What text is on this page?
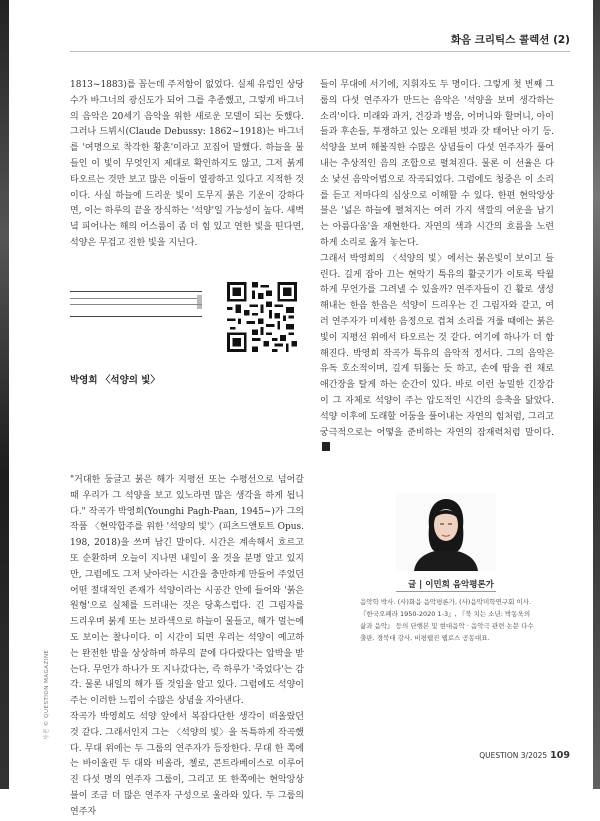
화음 크리틱스 콜렉션 (2)

1813~1883)를 꼽는데 주저함이 없었다. 실제 유럽인 상당수가 바그너의 광신도가 되어 그를 추종했고, 그렇게 바그너의 음악은 20세기 음악을 위한 새로운 모델이 되는 듯했다. 그러나 드뷔시(Claude Debussy: 1862~1918)는 바그너를 '여명으로 착각한 황혼'이라고 꼬집어 말했다. 하늘을 물들인 이 빛이 무엇인지 제대로 확인하지도 않고, 그저 붉게 타오르는 것만 보고 많은 이들이 열광하고 있다고 지적한 것이다. 사실 하늘에 드리운 빛이 도무지 붉은 기운이 강하다면, 이는 하루의 끝을 장식하는 '석양'일 가능성이 높다. 새벽녘 피어나는 해의 어스름이 좀 더 힘 있고 연한 빛을 띤다면, 석양은 무겁고 진한 빛을 지닌다.

박영희 〈석양의 빛〉

"거대한 둥글고 붉은 해가 지평선 또는 수평선으로 넘어갈 때 우리가 그 석양을 보고 있노라면 많은 생각을 하게 됩니다." 작곡가 박영희(Younghi Pagh-Paan, 1945~)가 그의 작품 〈현악합주를 위한 '석양의 빛'〉(피츠드앤토트 Opus. 198, 2018)을 쓰며 남긴 말이다. 시간은 계속해서 흐르고 또 순환하며 오늘이 지나면 내일이 올 것을 분명 알고 있지만, 그럼에도 그저 낮아라는 시간을 충만하게 만들어 주었던 어떤 절대적인 존재가 석양이라는 시공간 안에 들어와 '붉은 원형'으로 실체를 드러내는 것은 당혹스럽다. 긴 그림자를 드리우며 붉게 또는 보라색으로 하늘이 물들고, 해가 멀는에도 보이는 찰나이다. 이 시간이 되면 우리는 석양이 예고하는 완전한 밤을 상상하며 하루의 끝에 다다랐다는 압박을 받는다. 무언가 하나가 또 지나갔다는, 즉 하루가 '죽었다'는 감각. 물론 내일의 해가 뜰 것임을 알고 있다. 그럼에도 석양이 주는 이러한 느낌이 수많은 상념을 자아낸다.

작곡가 박영희도 석양 앞에서 복잡다단한 생각이 떠올랐던 것 같다. 그래서인지 그는 〈석양의 빛〉을 독특하게 작곡했다. 무대 위에는 두 그룹의 연주자가 등장한다. 무대 한 쪽에는 바이올린 두 대와 비올라, 첼로, 콘트라베이스로 이루어진 다섯 명의 연주자 그룹이, 그리고 또 한쪽에는 현악앙상블이 조금 더 많은 연주자 구성으로 울라와 있다. 두 그룹의 연주자

들이 무대에 서기에, 지휘자도 두 명이다. 그렇게 첫 번째 그룹의 다섯 연주자가 만드는 음악은 '석양을 보며 생각하는 소리'이다. 미래와 과거, 건강과 병음, 어머니와 할머니, 아이들과 후손들, 투쟁하고 있는 오래된 벗과 갓 태어난 아기 등. 석양을 보며 해볼직한 수많은 상념들이 다섯 연주자가 풀어내는 추상적인 음의 조합으로 펼쳐진다. 물론 이 선율은 다소 낯선 음악어법으로 작곡되었다. 그럼에도 청중은 이 소리를 듣고 저마다의 심상으로 이해할 수 있다. 한편 현악앙상블은 '넓은 하늘에 펼쳐지는 여러 가지 색깔의 여운을 남기는 아름다움'을 재현한다. 자연의 색과 시간의 흐름을 노련하게 소리로 옮겨 놓는다.

그래서 박영희의 〈석양의 빛〉에서는 붉은빛이 보이고 들린다. 길게 잡아 끄는 현악기 특유의 활긋기가 이토록 탁월하게 무언가를 그려낼 수 있을까? 연주자들이 긴 활로 생성해내는 한음 한음은 석양이 드리우는 긴 그림자와 같고, 여러 연주자가 미세한 음정으로 겹쳐 소리를 겨룰 때에는 붉은빛이 지평선 위에서 타오르는 것 같다. 여기에 하나가 더 함해진다. 박영희 작곡가 특유의 음악적 정서다. 그의 음악은 유독 호소적이며, 길게 뒤뚫는 듯 하고, 손에 땀을 쥔 채로 애간장을 탈게 하는 순간이 있다. 바로 이런 농밀한 긴장감이 그 자체로 석양이 주는 압도적인 시간의 응축을 닮았다. 석양 이후에 도래할 어둠을 풀어내는 자연의 힘처럼, 그리고 궁극적으로는 어떻을 준비하는 자연의 잠재력처럼 말이다.

글 | 이민희 음악평론가
음악학 박사. (사)화음 음악평론가, (사)음악미학연구회 이사. 『한국오페라 1950-2020 1-3』, 『북 치는 소년: 박동욱의 삶과 음악』 등의 단행본 및 현대음악 · 음악극 관련 논문 다수 출판. 경북대 강사, 비평웹진 웹로스 공동대표.
사진 © QUESTION MAGAZINE
QUESTION 3/2025 109
